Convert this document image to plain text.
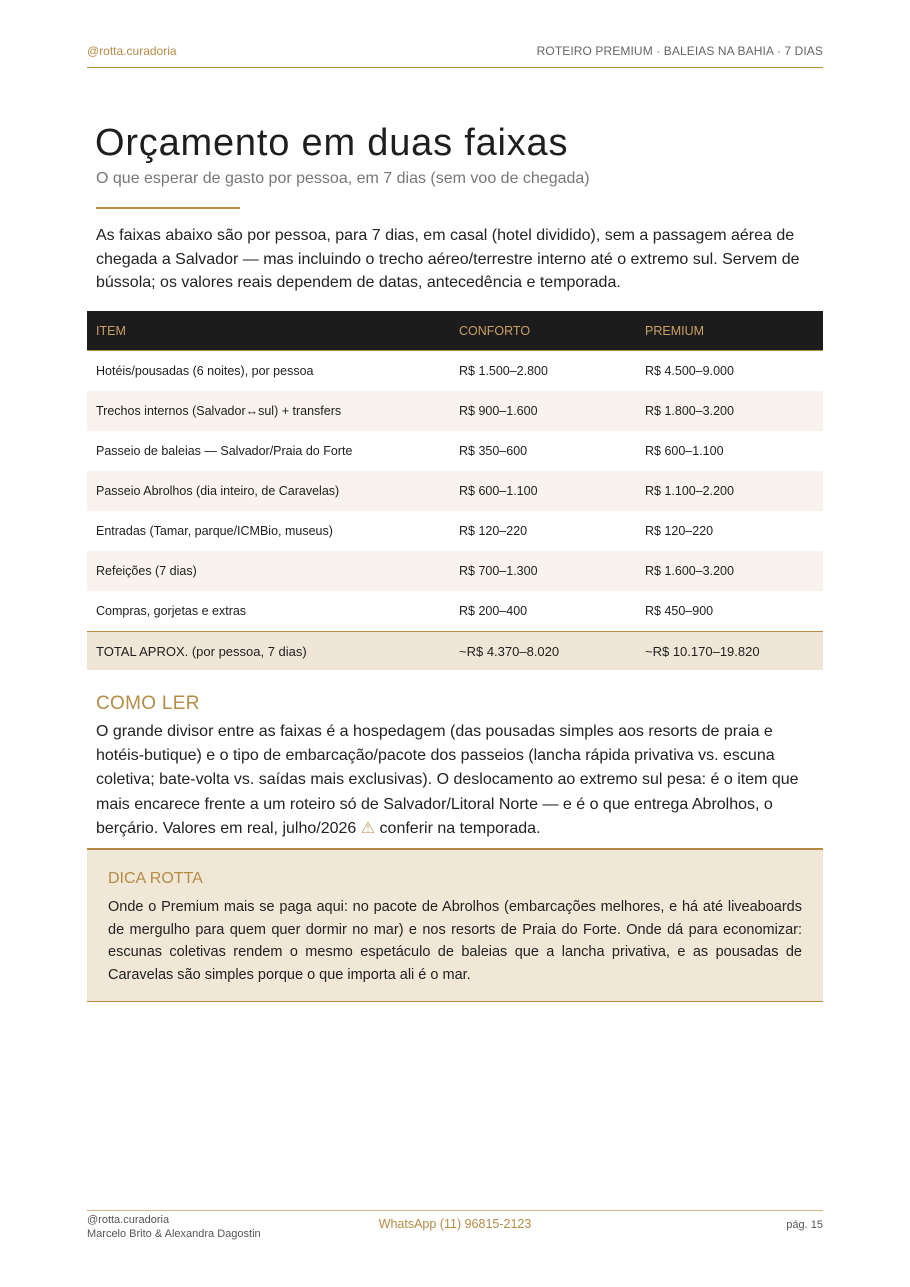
@rotta.curadoria	ROTEIRO PREMIUM · BALEIAS NA BAHIA · 7 DIAS
Orçamento em duas faixas

O que esperar de gasto por pessoa, em 7 dias (sem voo de chegada)

As faixas abaixo são por pessoa, para 7 dias, em casal (hotel dividido), sem a passagem aérea de chegada a Salvador — mas incluindo o trecho aéreo/terrestre interno até o extremo sul. Servem de bússola; os valores reais dependem de datas, antecedência e temporada.

ITEM	CONFORTO	PREMIUM
Hotéis/pousadas (6 noites), por pessoa	R$ 1.500–2.800	R$ 4.500–9.000
Trechos internos (Salvador↔sul) + transfers	R$ 900–1.600	R$ 1.800–3.200
Passeio de baleias — Salvador/Praia do Forte	R$ 350–600	R$ 600–1.100
Passeio Abrolhos (dia inteiro, de Caravelas)	R$ 600–1.100	R$ 1.100–2.200
Entradas (Tamar, parque/ICMBio, museus)	R$ 120–220	R$ 120–220
Refeições (7 dias)	R$ 700–1.300	R$ 1.600–3.200
Compras, gorjetas e extras	R$ 200–400	R$ 450–900
TOTAL APROX. (por pessoa, 7 dias)	~R$ 4.370–8.020	~R$ 10.170–19.820
COMO LER

O grande divisor entre as faixas é a hospedagem (das pousadas simples aos resorts de praia e hotéis-butique) e o tipo de embarcação/pacote dos passeios (lancha rápida privativa vs. escuna coletiva; bate-volta vs. saídas mais exclusivas). O deslocamento ao extremo sul pesa: é o item que mais encarece frente a um roteiro só de Salvador/Litoral Norte — e é o que entrega Abrolhos, o berçário. Valores em real, julho/2026 ⚠ conferir na temporada.

DICA ROTTA

Onde o Premium mais se paga aqui: no pacote de Abrolhos (embarcações melhores, e há até liveaboards de mergulho para quem quer dormir no mar) e nos resorts de Praia do Forte. Onde dá para economizar: escunas coletivas rendem o mesmo espetáculo de baleias que a lancha privativa, e as pousadas de Caravelas são simples porque o que importa ali é o mar.

@rotta.curadoria
Marcelo Brito & Alexandra Dagostin
WhatsApp (11) 96815-2123	pág. 15
